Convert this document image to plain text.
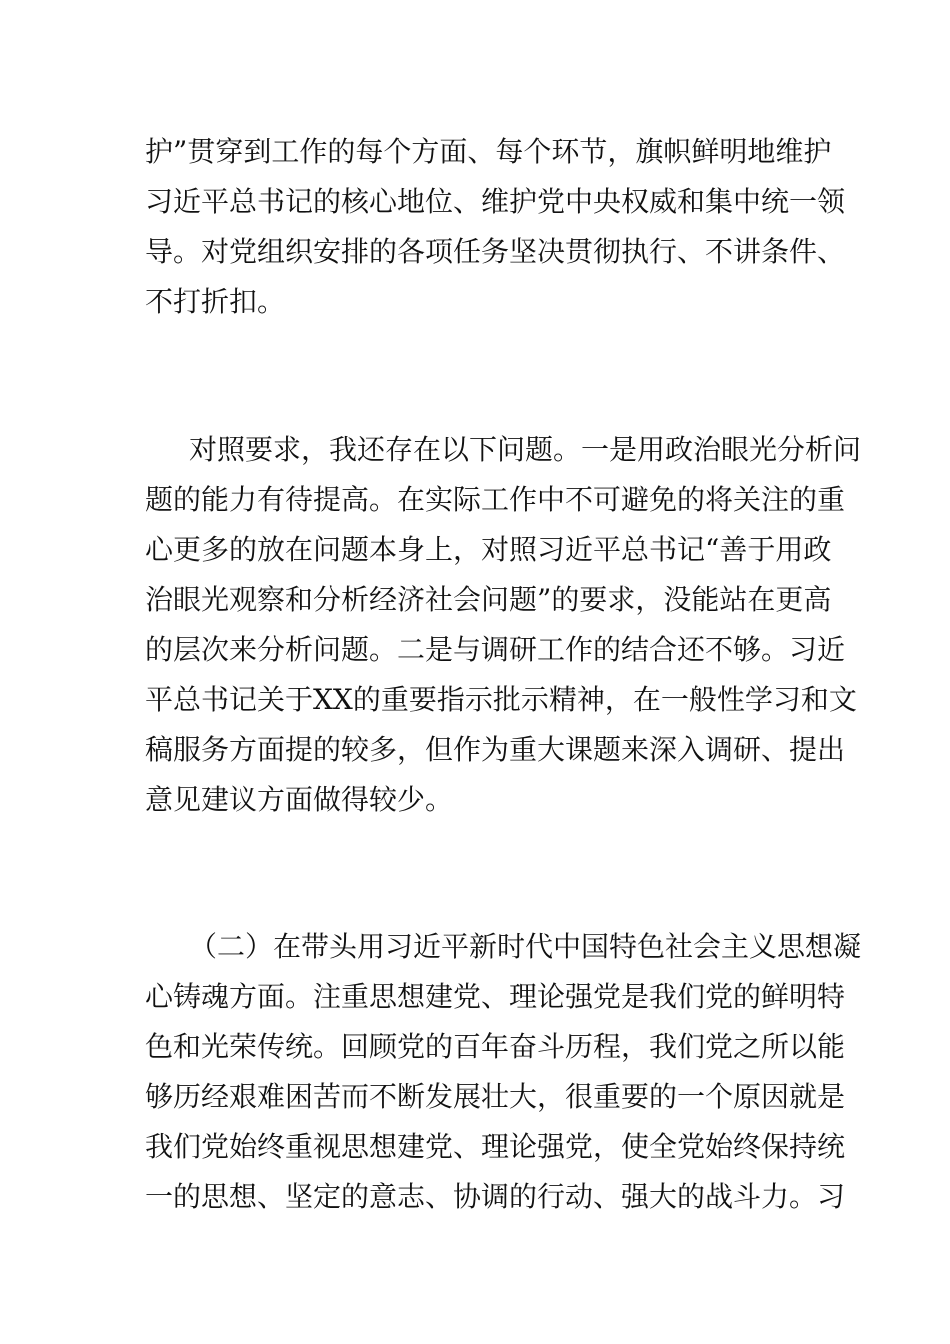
护”贯穿到工作的每个方面、每个环节，旗帜鲜明地维护
习近平总书记的核心地位、维护党中央权威和集中统一领
导。对党组织安排的各项任务坚决贯彻执行、不讲条件、
不打折扣。
对照要求，我还存在以下问题。一是用政治眼光分析问
题的能力有待提高。在实际工作中不可避免的将关注的重
心更多的放在问题本身上，对照习近平总书记“善于用政
治眼光观察和分析经济社会问题”的要求，没能站在更高
的层次来分析问题。二是与调研工作的结合还不够。习近
平总书记关于XX的重要指示批示精神，在一般性学习和文
稿服务方面提的较多，但作为重大课题来深入调研、提出
意见建议方面做得较少。
（二）在带头用习近平新时代中国特色社会主义思想凝
心铸魂方面。注重思想建党、理论强党是我们党的鲜明特
色和光荣传统。回顾党的百年奋斗历程，我们党之所以能
够历经艰难困苦而不断发展壮大，很重要的一个原因就是
我们党始终重视思想建党、理论强党，使全党始终保持统
一的思想、坚定的意志、协调的行动、强大的战斗力。习
